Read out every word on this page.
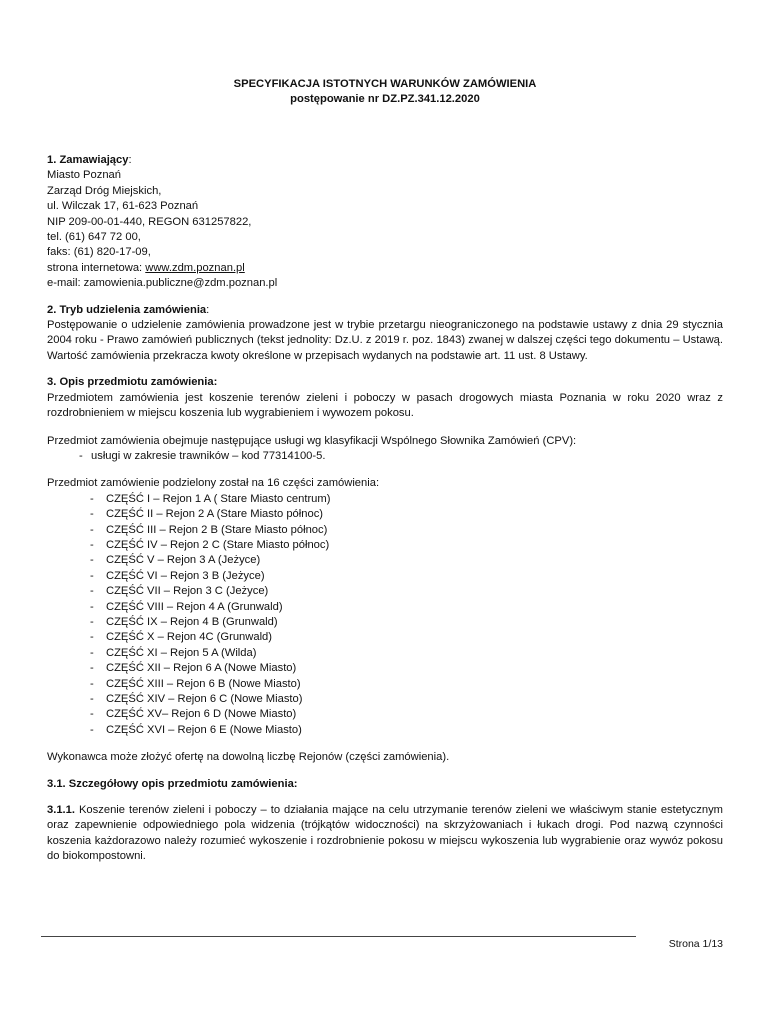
SPECYFIKACJA ISTOTNYCH WARUNKÓW ZAMÓWIENIA
postępowanie nr DZ.PZ.341.12.2020
1. Zamawiający:
Miasto Poznań
Zarząd Dróg Miejskich,
ul. Wilczak 17, 61-623 Poznań
NIP 209-00-01-440, REGON 631257822,
tel. (61) 647 72 00,
faks: (61) 820-17-09,
strona internetowa: www.zdm.poznan.pl
e-mail: zamowienia.publiczne@zdm.poznan.pl
2. Tryb udzielenia zamówienia:
Postępowanie o udzielenie zamówienia prowadzone jest w trybie przetargu nieograniczonego na podstawie ustawy z dnia 29 stycznia 2004 roku - Prawo zamówień publicznych (tekst jednolity: Dz.U. z 2019 r. poz. 1843) zwanej w dalszej części tego dokumentu – Ustawą. Wartość zamówienia przekracza kwoty określone w przepisach wydanych na podstawie art. 11 ust. 8 Ustawy.
3. Opis przedmiotu zamówienia:
Przedmiotem zamówienia jest koszenie terenów zieleni i poboczy w pasach drogowych miasta Poznania w roku 2020 wraz z rozdrobnieniem w miejscu koszenia lub wygrabieniem i wywozem pokosu.
Przedmiot zamówienia obejmuje następujące usługi wg klasyfikacji Wspólnego Słownika Zamówień (CPV):
- usługi w zakresie trawników – kod 77314100-5.
Przedmiot zamówienie podzielony został na 16 części zamówienia:
- CZĘŚĆ I – Rejon 1 A ( Stare Miasto centrum)
- CZĘŚĆ II – Rejon 2 A (Stare Miasto północ)
- CZĘŚĆ III – Rejon 2 B (Stare Miasto północ)
- CZĘŚĆ IV – Rejon 2 C (Stare Miasto północ)
- CZĘŚĆ V – Rejon 3 A (Jeżyce)
- CZĘŚĆ VI – Rejon 3 B (Jeżyce)
- CZĘŚĆ VII – Rejon 3 C (Jeżyce)
- CZĘŚĆ VIII – Rejon 4 A (Grunwald)
- CZĘŚĆ IX – Rejon 4 B (Grunwald)
- CZĘŚĆ X – Rejon 4C (Grunwald)
- CZĘŚĆ XI – Rejon 5 A (Wilda)
- CZĘŚĆ XII – Rejon 6 A (Nowe Miasto)
- CZĘŚĆ XIII – Rejon 6 B (Nowe Miasto)
- CZĘŚĆ XIV – Rejon 6 C (Nowe Miasto)
- CZĘŚĆ XV– Rejon 6 D (Nowe Miasto)
- CZĘŚĆ XVI – Rejon 6 E (Nowe Miasto)
Wykonawca może złożyć ofertę na dowolną liczbę Rejonów (części zamówienia).
3.1. Szczegółowy opis przedmiotu zamówienia:
3.1.1. Koszenie terenów zieleni i poboczy – to działania mające na celu utrzymanie terenów zieleni we właściwym stanie estetycznym oraz zapewnienie odpowiedniego pola widzenia (trójkątów widoczności) na skrzyżowaniach i łukach drogi. Pod nazwą czynności koszenia każdorazowo należy rozumieć wykoszenie i rozdrobnienie pokosu w miejscu wykoszenia lub wygrabienie oraz wywóz pokosu do biokompostowni.
Strona 1/13
